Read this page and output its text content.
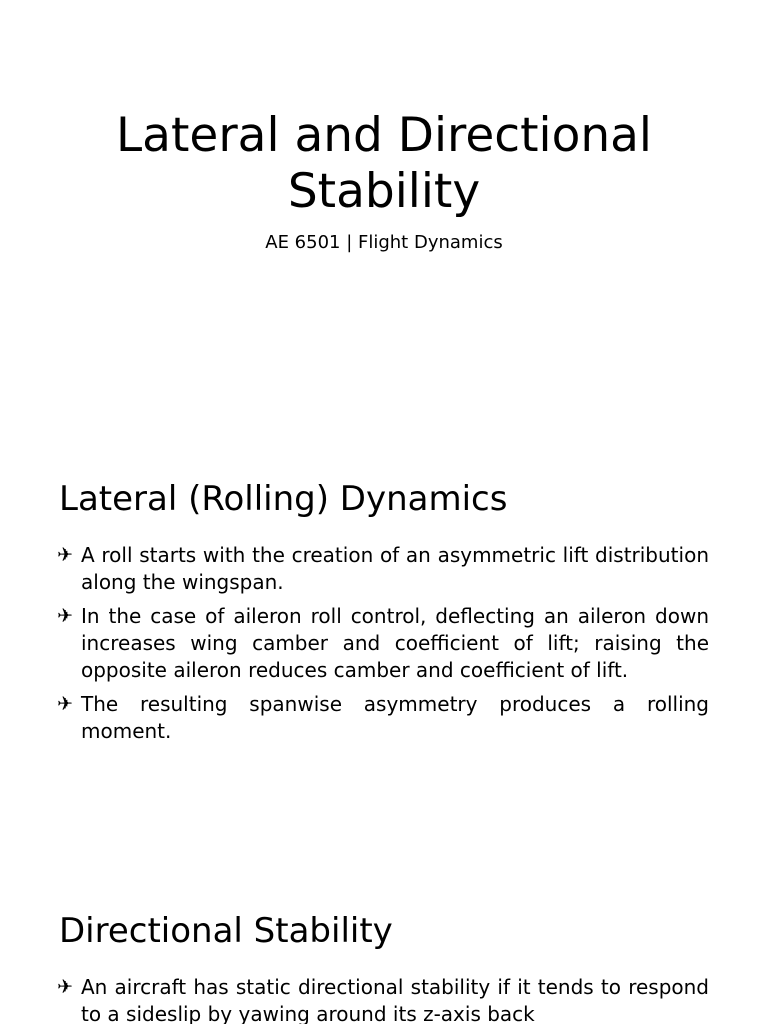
Lateral and Directional Stability

AE 6501 | Flight Dynamics

Lateral (Rolling) Dynamics
✈ A roll starts with the creation of an asymmetric lift distribution along the wingspan.
✈ In the case of aileron roll control, deflecting an aileron down increases wing camber and coefficient of lift; raising the opposite aileron reduces camber and coefficient of lift.
✈ The resulting spanwise asymmetry produces a rolling moment.
Directional Stability
✈ An aircraft has static directional stability if it tends to respond to a sideslip by yawing around its z-axis back
